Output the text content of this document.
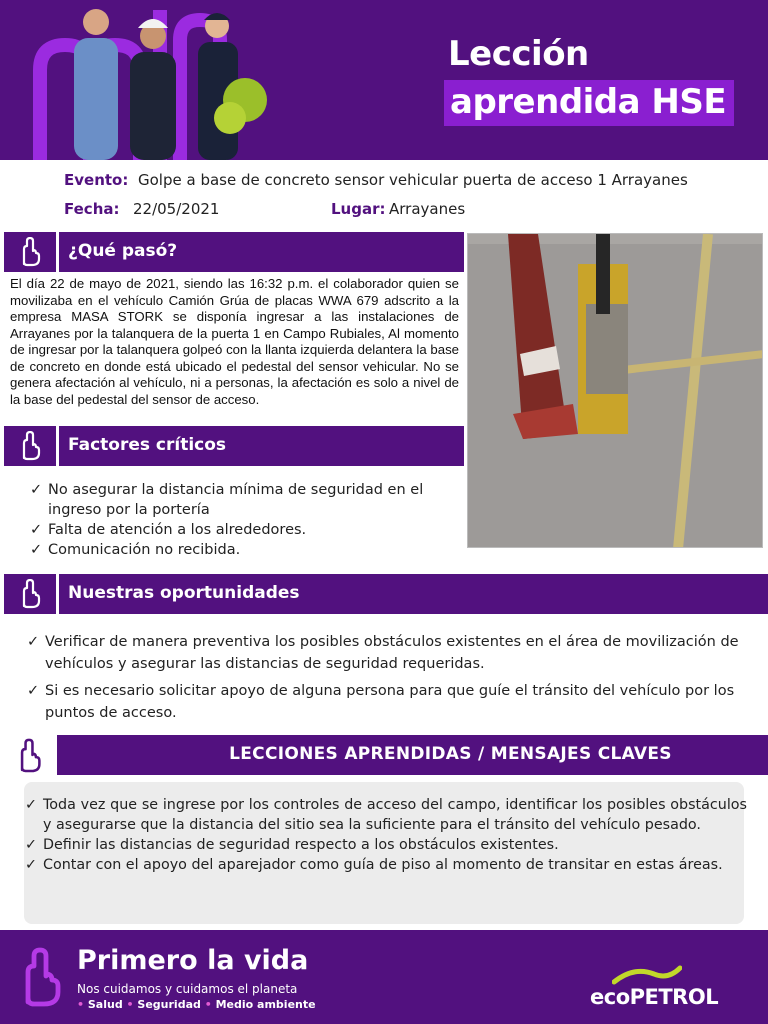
Lección
aprendida HSE
Evento: Golpe a base de concreto sensor vehicular puerta de acceso 1 Arrayanes
Fecha: 22/05/2021	Lugar: Arrayanes
¿Qué pasó?
El día 22 de mayo de 2021, siendo las 16:32 p.m. el colaborador quien se movilizaba en el vehículo Camión Grúa de placas WWA 679 adscrito a la empresa MASA STORK se disponía ingresar a las instalaciones de Arrayanes por la talanquera de la puerta 1 en Campo Rubiales, Al momento de ingresar por la talanquera golpeó con la llanta izquierda delantera la base de concreto en donde está ubicado el pedestal del sensor vehicular. No se genera afectación al vehículo, ni a personas, la afectación es solo a nivel de la base del pedestal del sensor de acceso.
Factores críticos
✓ No asegurar la distancia mínima de seguridad en el ingreso por la portería
✓ Falta de atención a los alrededores.
✓ Comunicación no recibida.
Nuestras oportunidades
✓ Verificar de manera preventiva los posibles obstáculos existentes en el área de movilización de vehículos y asegurar las distancias de seguridad requeridas.
✓ Si es necesario solicitar apoyo de alguna persona para que guíe el tránsito del vehículo por los puntos de acceso.
LECCIONES APRENDIDAS / MENSAJES CLAVES
✓ Toda vez que se ingrese por los controles de acceso del campo, identificar los posibles obstáculos y asegurarse que la distancia del sitio sea la suficiente para el tránsito del vehículo pesado.
✓ Definir las distancias de seguridad respecto a los obstáculos existentes.
✓ Contar con el apoyo del aparejador como guía de piso al momento de transitar en estas áreas.
Primero la vida
Nos cuidamos y cuidamos el planeta
• Salud • Seguridad • Medio ambiente	ecoPETROL
